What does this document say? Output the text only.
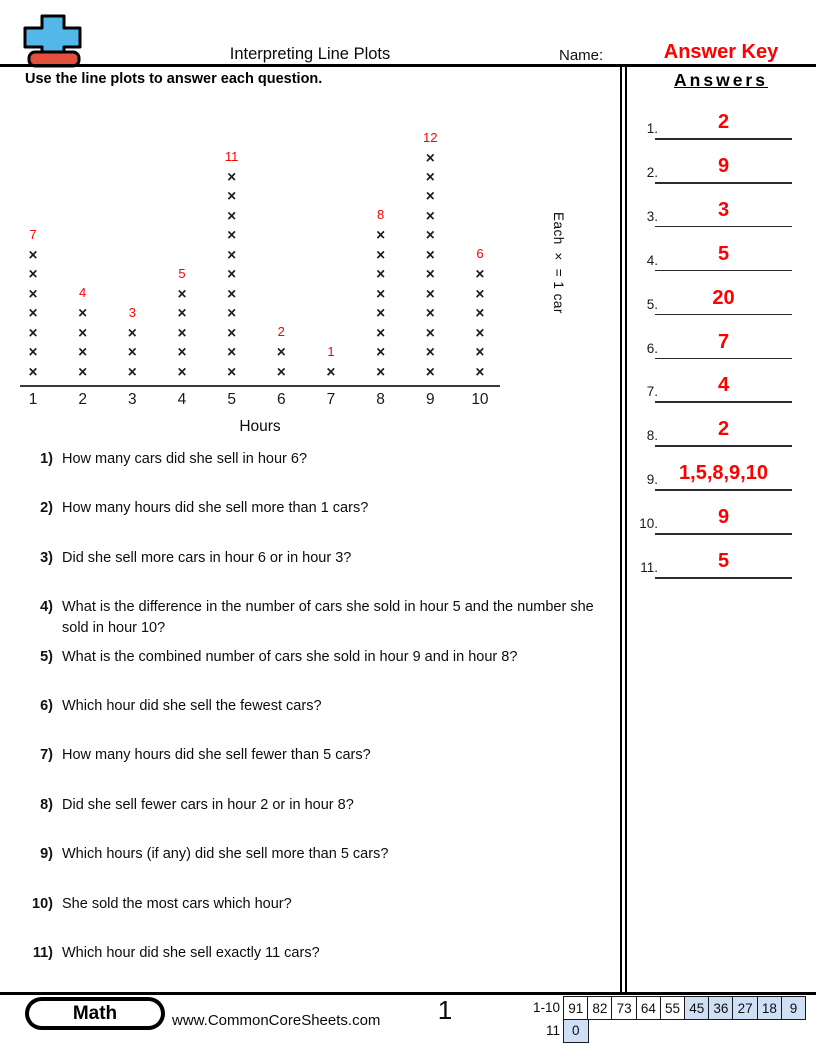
Interpreting Line Plots	Name:	Answer Key
Use the line plots to answer each question.
Hours
7
×
×
×
×
×
×
×
1
4
×
×
×
×
2
3
×
×
×
3
5
×
×
×
×
×
4
11
×
×
×
×
×
×
×
×
×
×
×
5
2
×
×
6
1
×
7
8
×
×
×
×
×
×
×
×
8
12
×
×
×
×
×
×
×
×
×
×
×
×
9
6
×
×
×
×
×
×
10
Each × = 1 car
Answers
1.	2
2.	9
3.	3
4.	5
5.	20
6.	7
7.	4
8.	2
9.	1,5,8,9,10
10.	9
11.	5
1) How many cars did she sell in hour 6?
2) How many hours did she sell more than 1 cars?
3) Did she sell more cars in hour 6 or in hour 3?
4) What is the difference in the number of cars she sold in hour 5 and the number she sold in hour 10?
5) What is the combined number of cars she sold in hour 9 and in hour 8?
6) Which hour did she sell the fewest cars?
7) How many hours did she sell fewer than 5 cars?
8) Did she sell fewer cars in hour 2 or in hour 8?
9) Which hours (if any) did she sell more than 5 cars?
10) She sold the most cars which hour?
11) Which hour did she sell exactly 11 cars?
Math	www.CommonCoreSheets.com	1	1-10 91 82 73 64 55 45 36 27 18 9
11 0
